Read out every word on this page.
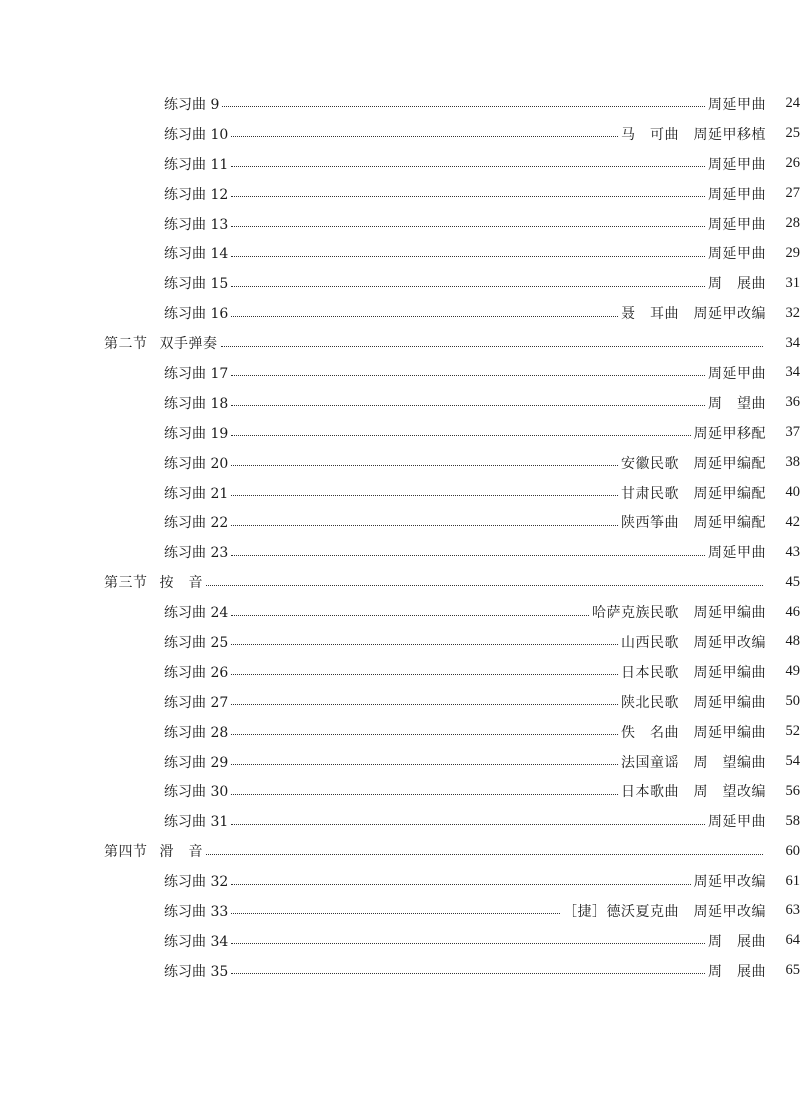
练习曲 9	周延甲曲	24
练习曲 10	马　可曲　周延甲移植	25
练习曲 11	周延甲曲	26
练习曲 12	周延甲曲	27
练习曲 13	周延甲曲	28
练习曲 14	周延甲曲	29
练习曲 15	周　展曲	31
练习曲 16	聂　耳曲　周延甲改编	32
第二节 双手弹奏	34
练习曲 17	周延甲曲	34
练习曲 18	周　望曲	36
练习曲 19	周延甲移配	37
练习曲 20	安徽民歌　周延甲编配	38
练习曲 21	甘肃民歌　周延甲编配	40
练习曲 22	陕西筝曲　周延甲编配	42
练习曲 23	周延甲曲	43
第三节 按　音	45
练习曲 24	哈萨克族民歌　周延甲编曲	46
练习曲 25	山西民歌　周延甲改编	48
练习曲 26	日本民歌　周延甲编曲	49
练习曲 27	陕北民歌　周延甲编曲	50
练习曲 28	佚　名曲　周延甲编曲	52
练习曲 29	法国童谣　周　望编曲	54
练习曲 30	日本歌曲　周　望改编	56
练习曲 31	周延甲曲	58
第四节 滑　音	60
练习曲 32	周延甲改编	61
练习曲 33	［捷］德沃夏克曲　周延甲改编	63
练习曲 34	周　展曲	64
练习曲 35	周　展曲	65
